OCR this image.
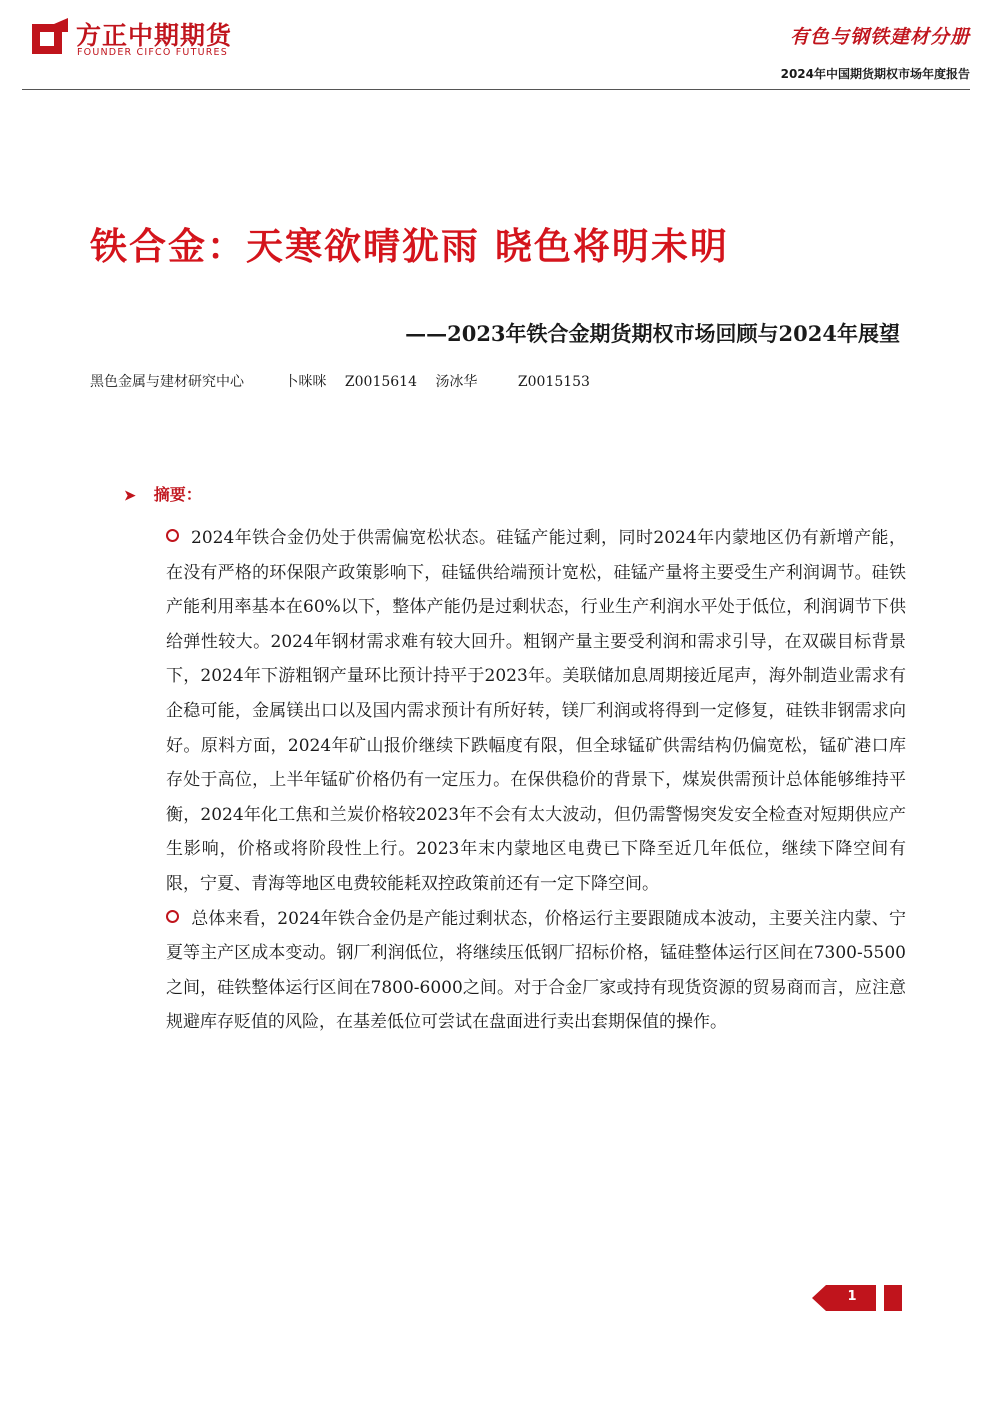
方正中期期货
FOUNDER CIFCO FUTURES
有色与钢铁建材分册
2024年中国期货期权市场年度报告
铁合金：天寒欲晴犹雨 晓色将明未明
——2023年铁合金期货期权市场回顾与2024年展望
黑色金属与建材研究中心	卜咪咪 Z0015614 汤冰华	Z0015153
➤ 摘要：

2024年铁合金仍处于供需偏宽松状态。硅锰产能过剩，同时2024年内蒙地区仍有新增产能，在没有严格的环保限产政策影响下，硅锰供给端预计宽松，硅锰产量将主要受生产利润调节。硅铁产能利用率基本在60%以下，整体产能仍是过剩状态，行业生产利润水平处于低位，利润调节下供给弹性较大。2024年钢材需求难有较大回升。粗钢产量主要受利润和需求引导，在双碳目标背景下，2024年下游粗钢产量环比预计持平于2023年。美联储加息周期接近尾声，海外制造业需求有企稳可能，金属镁出口以及国内需求预计有所好转，镁厂利润或将得到一定修复，硅铁非钢需求向好。原料方面，2024年矿山报价继续下跌幅度有限，但全球锰矿供需结构仍偏宽松，锰矿港口库存处于高位，上半年锰矿价格仍有一定压力。在保供稳价的背景下，煤炭供需预计总体能够维持平衡，2024年化工焦和兰炭价格较2023年不会有太大波动，但仍需警惕突发安全检查对短期供应产生影响，价格或将阶段性上行。2023年末内蒙地区电费已下降至近几年低位，继续下降空间有限，宁夏、青海等地区电费较能耗双控政策前还有一定下降空间。

总体来看，2024年铁合金仍是产能过剩状态，价格运行主要跟随成本波动，主要关注内蒙、宁夏等主产区成本变动。钢厂利润低位，将继续压低钢厂招标价格，锰硅整体运行区间在7300-5500之间，硅铁整体运行区间在7800-6000之间。对于合金厂家或持有现货资源的贸易商而言，应注意规避库存贬值的风险，在基差低位可尝试在盘面进行卖出套期保值的操作。

1
